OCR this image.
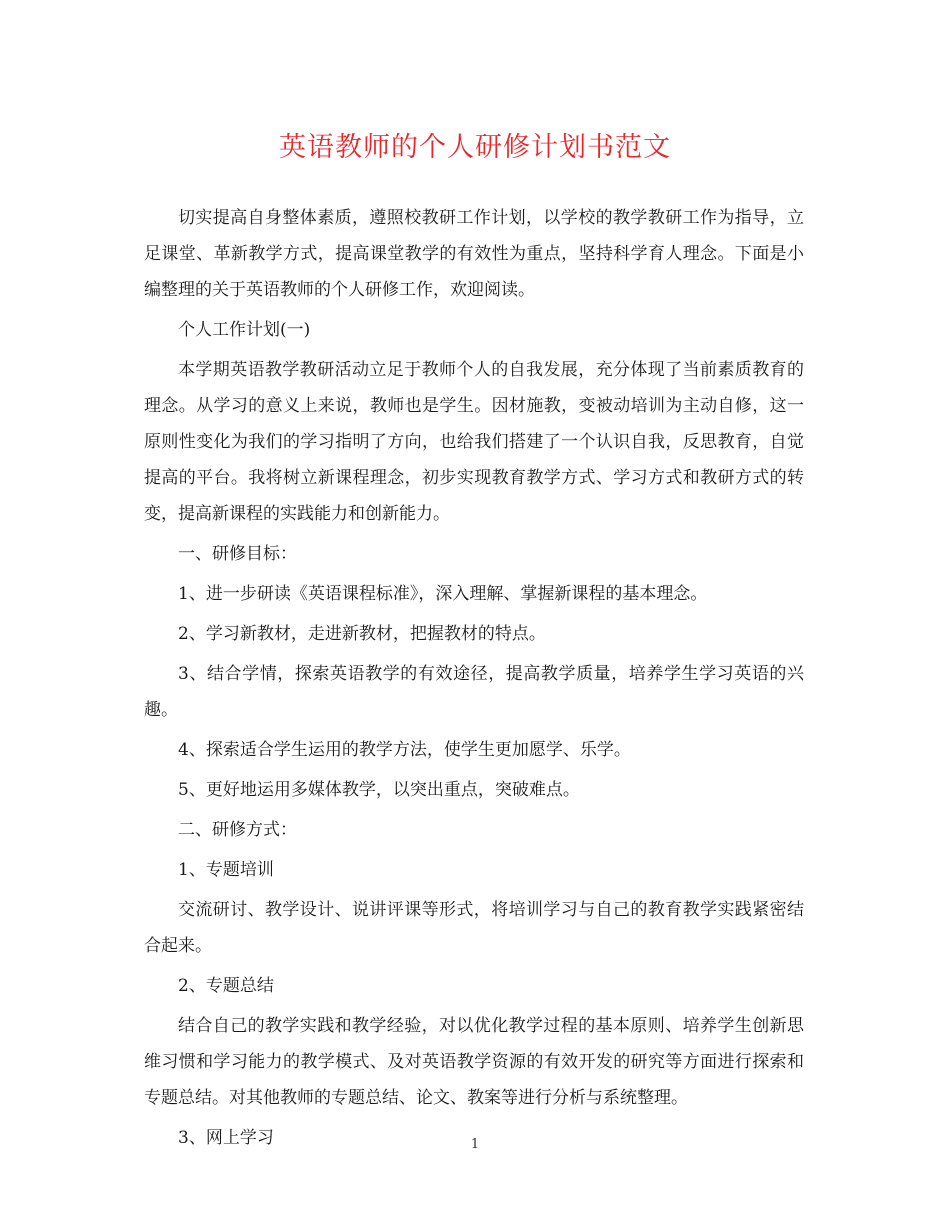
英语教师的个人研修计划书范文

切实提高自身整体素质，遵照校教研工作计划，以学校的教学教研工作为指导，立足课堂、革新教学方式，提高课堂教学的有效性为重点，坚持科学育人理念。下面是小编整理的关于英语教师的个人研修工作，欢迎阅读。

个人工作计划(一)

本学期英语教学教研活动立足于教师个人的自我发展，充分体现了当前素质教育的理念。从学习的意义上来说，教师也是学生。因材施教，变被动培训为主动自修，这一原则性变化为我们的学习指明了方向，也给我们搭建了一个认识自我，反思教育，自觉提高的平台。我将树立新课程理念，初步实现教育教学方式、学习方式和教研方式的转变，提高新课程的实践能力和创新能力。

一、研修目标：

1、进一步研读《英语课程标准》，深入理解、掌握新课程的基本理念。

2、学习新教材，走进新教材，把握教材的特点。

3、结合学情，探索英语教学的有效途径，提高教学质量，培养学生学习英语的兴趣。

4、探索适合学生运用的教学方法，使学生更加愿学、乐学。

5、更好地运用多媒体教学，以突出重点，突破难点。

二、研修方式：

1、专题培训

交流研讨、教学设计、说讲评课等形式，将培训学习与自己的教育教学实践紧密结合起来。

2、专题总结

结合自己的教学实践和教学经验，对以优化教学过程的基本原则、培养学生创新思维习惯和学习能力的教学模式、及对英语教学资源的有效开发的研究等方面进行探索和专题总结。对其他教师的专题总结、论文、教案等进行分析与系统整理。

3、网上学习	1
